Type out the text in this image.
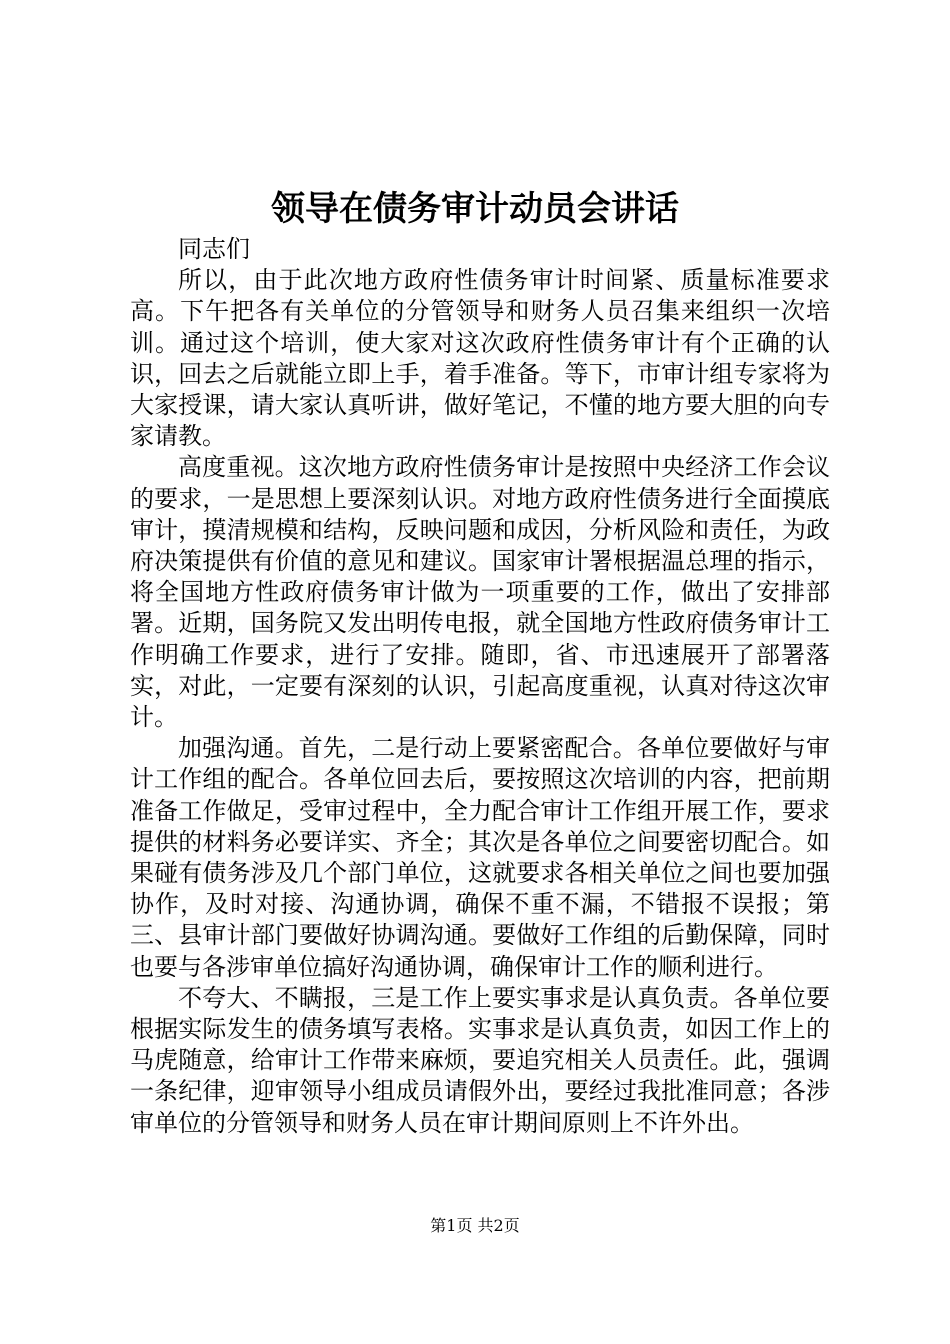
领导在债务审计动员会讲话

同志们

所以，由于此次地方政府性债务审计时间紧、质量标准要求高。下午把各有关单位的分管领导和财务人员召集来组织一次培训。通过这个培训，使大家对这次政府性债务审计有个正确的认识，回去之后就能立即上手，着手准备。等下，市审计组专家将为大家授课，请大家认真听讲，做好笔记，不懂的地方要大胆的向专家请教。

高度重视。这次地方政府性债务审计是按照中央经济工作会议的要求，一是思想上要深刻认识。对地方政府性债务进行全面摸底审计，摸清规模和结构，反映问题和成因，分析风险和责任，为政府决策提供有价值的意见和建议。国家审计署根据温总理的指示，将全国地方性政府债务审计做为一项重要的工作，做出了安排部署。近期，国务院又发出明传电报，就全国地方性政府债务审计工作明确工作要求，进行了安排。随即，省、市迅速展开了部署落实，对此，一定要有深刻的认识，引起高度重视，认真对待这次审计。

加强沟通。首先，二是行动上要紧密配合。各单位要做好与审计工作组的配合。各单位回去后，要按照这次培训的内容，把前期准备工作做足，受审过程中，全力配合审计工作组开展工作，要求提供的材料务必要详实、齐全；其次是各单位之间要密切配合。如果碰有债务涉及几个部门单位，这就要求各相关单位之间也要加强协作，及时对接、沟通协调，确保不重不漏，不错报不误报；第三、县审计部门要做好协调沟通。要做好工作组的后勤保障，同时也要与各涉审单位搞好沟通协调，确保审计工作的顺利进行。

不夸大、不瞒报，三是工作上要实事求是认真负责。各单位要根据实际发生的债务填写表格。实事求是认真负责，如因工作上的马虎随意，给审计工作带来麻烦，要追究相关人员责任。此，强调一条纪律，迎审领导小组成员请假外出，要经过我批准同意；各涉审单位的分管领导和财务人员在审计期间原则上不许外出。

第1页 共2页
